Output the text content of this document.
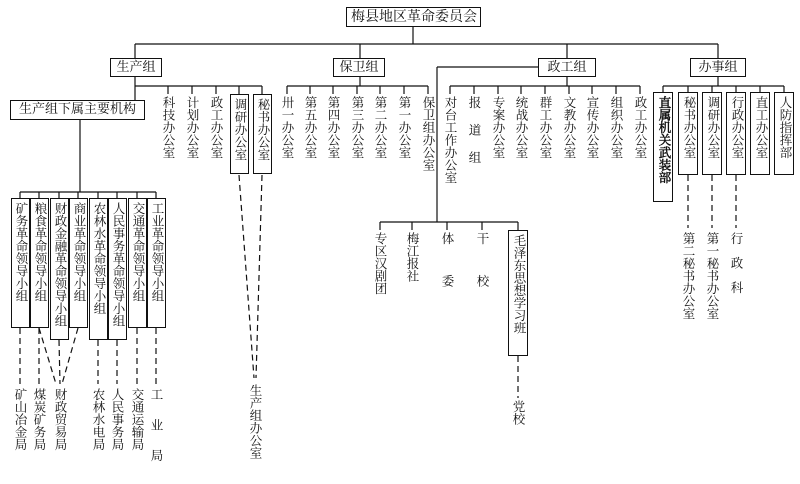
梅县地区革命委员会
生产组	保卫组	政工组	办事组
生产组下属主要机构	科技办公室 计划办公室 政工办公室 调研办公室 秘书办公室
生产组办公室
矿务革命领导小组 粮食革命领导小组 财政金融革命领导小组 商业革命领导小组 农林水革命领导小组 人民事务革命领导小组 交通革命领导小组 工业革命领导小组
矿山冶金局 煤炭矿务局 财政贸易局 农林水电局 人民事务局 交通运输局 工业局
卅一办公室 第五办公室 第四办公室 第三办公室 第二办公室 第一办公室 保卫组办公室 对台工作办公室 报道组 专案办公室 统战办公室 群工办公室 文教办公室 宣传办公室 组织办公室 政工办公室
专区汉剧团 梅江报社 体委 干校	毛泽东思想学习班
党校
直属机关武装部 秘书办公室 调研办公室 行政办公室 直工办公室 人防指挥部
第二秘书办公室 第一秘书办公室 行政科
